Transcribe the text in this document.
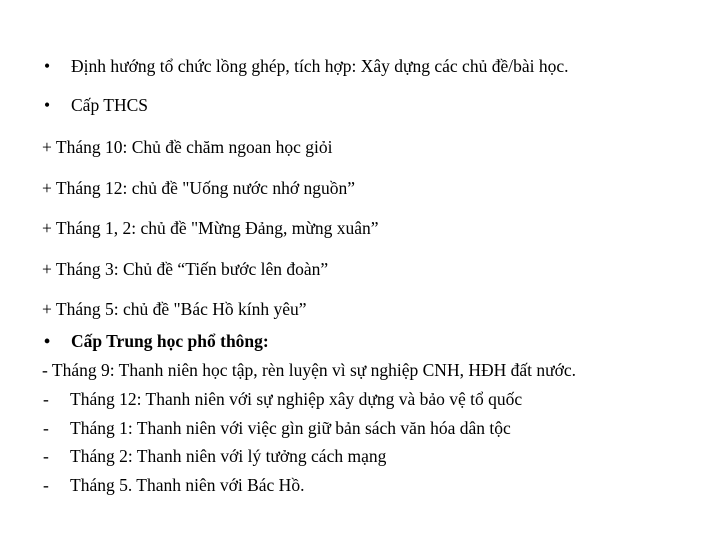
• Định hướng tổ chức lồng ghép, tích hợp: Xây dựng các chủ đề/bài học.
• Cấp THCS
+ Tháng 10: Chủ đề chăm ngoan học giỏi
+ Tháng 12: chủ đề "Uống nước nhớ nguồn”
+ Tháng 1, 2: chủ đề "Mừng Đảng, mừng xuân”
+ Tháng 3: Chủ đề “Tiến bước lên đoàn”
+ Tháng 5: chủ đề "Bác Hồ kính yêu”
• Cấp Trung học phổ thông:
- Tháng 9: Thanh niên học tập, rèn luyện vì sự nghiệp CNH, HĐH đất nước.
- Tháng 12: Thanh niên với sự nghiệp xây dựng và bảo vệ tổ quốc
- Tháng 1: Thanh niên với việc gìn giữ bản sách văn hóa dân tộc
- Tháng 2: Thanh niên với lý tưởng cách mạng
- Tháng 5. Thanh niên với Bác Hồ.
